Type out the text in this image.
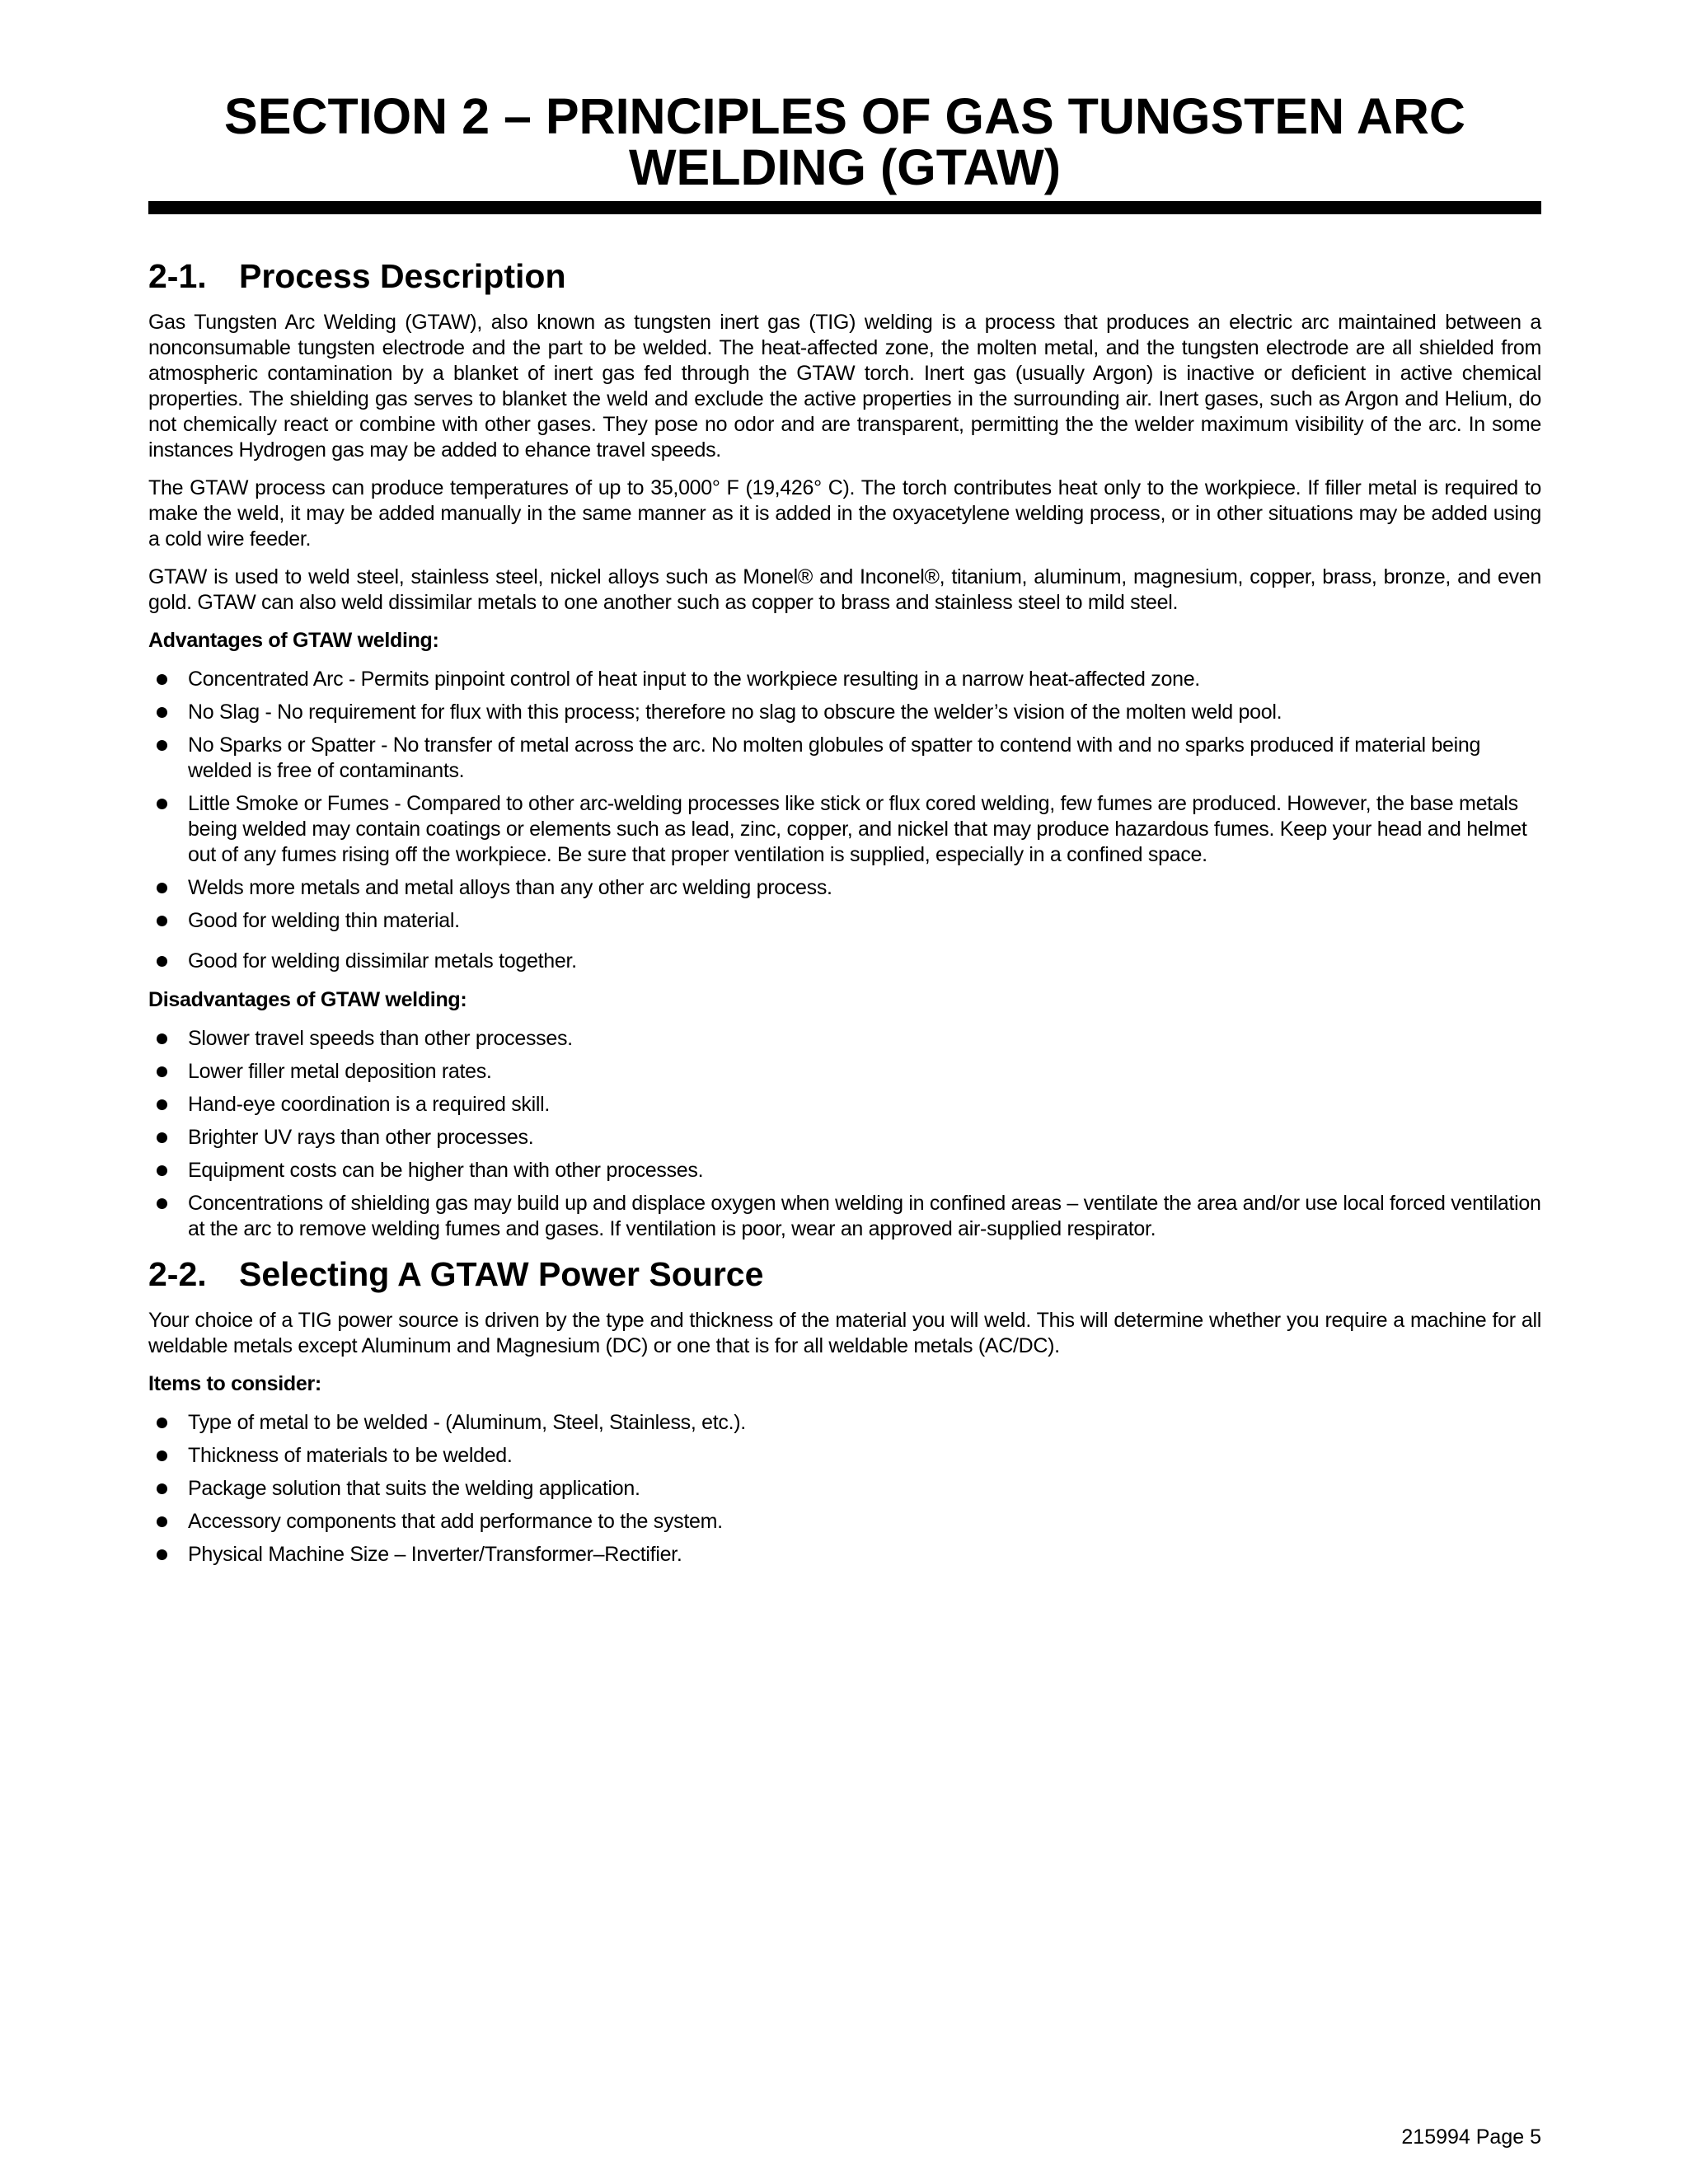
SECTION 2 – PRINCIPLES OF GAS TUNGSTEN ARC WELDING (GTAW)
2-1. Process Description

Gas Tungsten Arc Welding (GTAW), also known as tungsten inert gas (TIG) welding is a process that produces an electric arc maintained between a nonconsumable tungsten electrode and the part to be welded. The heat-affected zone, the molten metal, and the tungsten electrode are all shielded from atmospheric contamination by a blanket of inert gas fed through the GTAW torch. Inert gas (usually Argon) is inactive or deficient in active chemical properties. The shielding gas serves to blanket the weld and exclude the active properties in the surrounding air. Inert gases, such as Argon and Helium, do not chemically react or combine with other gases. They pose no odor and are transparent, permitting the the welder maximum visibility of the arc. In some instances Hydrogen gas may be added to ehance travel speeds.

The GTAW process can produce temperatures of up to 35,000° F (19,426° C). The torch contributes heat only to the workpiece. If filler metal is required to make the weld, it may be added manually in the same manner as it is added in the oxyacetylene welding process, or in other situations may be added using a cold wire feeder.

GTAW is used to weld steel, stainless steel, nickel alloys such as Monel® and Inconel®, titanium, aluminum, magnesium, copper, brass, bronze, and even gold. GTAW can also weld dissimilar metals to one another such as copper to brass and stainless steel to mild steel.

Advantages of GTAW welding:

Concentrated Arc - Permits pinpoint control of heat input to the workpiece resulting in a narrow heat-affected zone.
No Slag - No requirement for flux with this process; therefore no slag to obscure the welder’s vision of the molten weld pool.
No Sparks or Spatter - No transfer of metal across the arc. No molten globules of spatter to contend with and no sparks produced if material being welded is free of contaminants.
Little Smoke or Fumes - Compared to other arc-welding processes like stick or flux cored welding, few fumes are produced. However, the base metals being welded may contain coatings or elements such as lead, zinc, copper, and nickel that may produce hazardous fumes. Keep your head and helmet out of any fumes rising off the workpiece. Be sure that proper ventilation is supplied, especially in a confined space.
Welds more metals and metal alloys than any other arc welding process.
Good for welding thin material.
Good for welding dissimilar metals together.

Disadvantages of GTAW welding:

Slower travel speeds than other processes.
Lower filler metal deposition rates.
Hand-eye coordination is a required skill.
Brighter UV rays than other processes.
Equipment costs can be higher than with other processes.
Concentrations of shielding gas may build up and displace oxygen when welding in confined areas – ventilate the area and/or use local forced ventilation at the arc to remove welding fumes and gases. If ventilation is poor, wear an approved air-supplied respirator.
2-2. Selecting A GTAW Power Source

Your choice of a TIG power source is driven by the type and thickness of the material you will weld. This will determine whether you require a machine for all weldable metals except Aluminum and Magnesium (DC) or one that is for all weldable metals (AC/DC).

Items to consider:

Type of metal to be welded - (Aluminum, Steel, Stainless, etc.).
Thickness of materials to be welded.
Package solution that suits the welding application.
Accessory components that add performance to the system.
Physical Machine Size – Inverter/Transformer–Rectifier.
215994 Page 5
